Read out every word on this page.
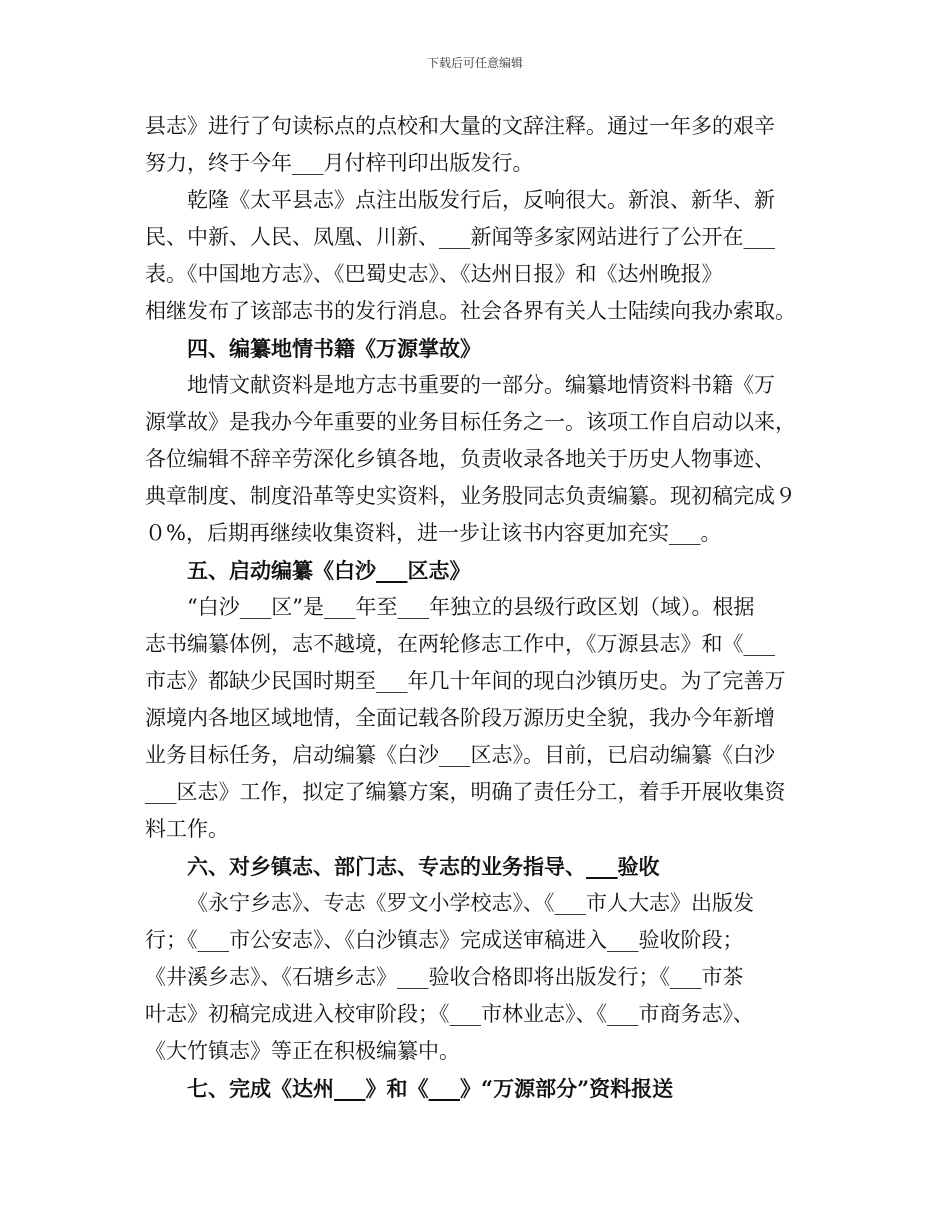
下载后可任意编辑

县志》进行了句读标点的点校和大量的文辞注释。通过一年多的艰辛
努力，终于今年___月付梓刊印出版发行。

乾隆《太平县志》点注出版发行后，反响很大。新浪、新华、新
民、中新、人民、凤凰、川新、___新闻等多家网站进行了公开在___
表。《中国地方志》、《巴蜀史志》、《达州日报》和《达州晚报》
相继发布了该部志书的发行消息。社会各界有关人士陆续向我办索取。

四、编纂地情书籍《万源掌故》

地情文献资料是地方志书重要的一部分。编纂地情资料书籍《万
源掌故》是我办今年重要的业务目标任务之一。该项工作自启动以来，
各位编辑不辞辛劳深化乡镇各地，负责收录各地关于历史人物事迹、
典章制度、制度沿革等史实资料，业务股同志负责编纂。现初稿完成９
０%，后期再继续收集资料，进一步让该书内容更加充实___。

五、启动编纂《白沙___区志》

“白沙___区”是___年至___年独立的县级行政区划（域）。根据
志书编纂体例，志不越境，在两轮修志工作中，《万源县志》和《___
市志》都缺少民国时期至___年几十年间的现白沙镇历史。为了完善万
源境内各地区域地情，全面记载各阶段万源历史全貌，我办今年新增
业务目标任务，启动编纂《白沙___区志》。目前，已启动编纂《白沙
___区志》工作，拟定了编纂方案，明确了责任分工，着手开展收集资
料工作。

六、对乡镇志、部门志、专志的业务指导、___验收

《永宁乡志》、专志《罗文小学校志》、《___市人大志》出版发
行；《___市公安志》、《白沙镇志》完成送审稿进入___验收阶段；
《井溪乡志》、《石塘乡志》___验收合格即将出版发行；《___市茶
叶志》初稿完成进入校审阶段；《___市林业志》、《___市商务志》、
《大竹镇志》等正在积极编纂中。

七、完成《达州___》和《___》“万源部分”资料报送
